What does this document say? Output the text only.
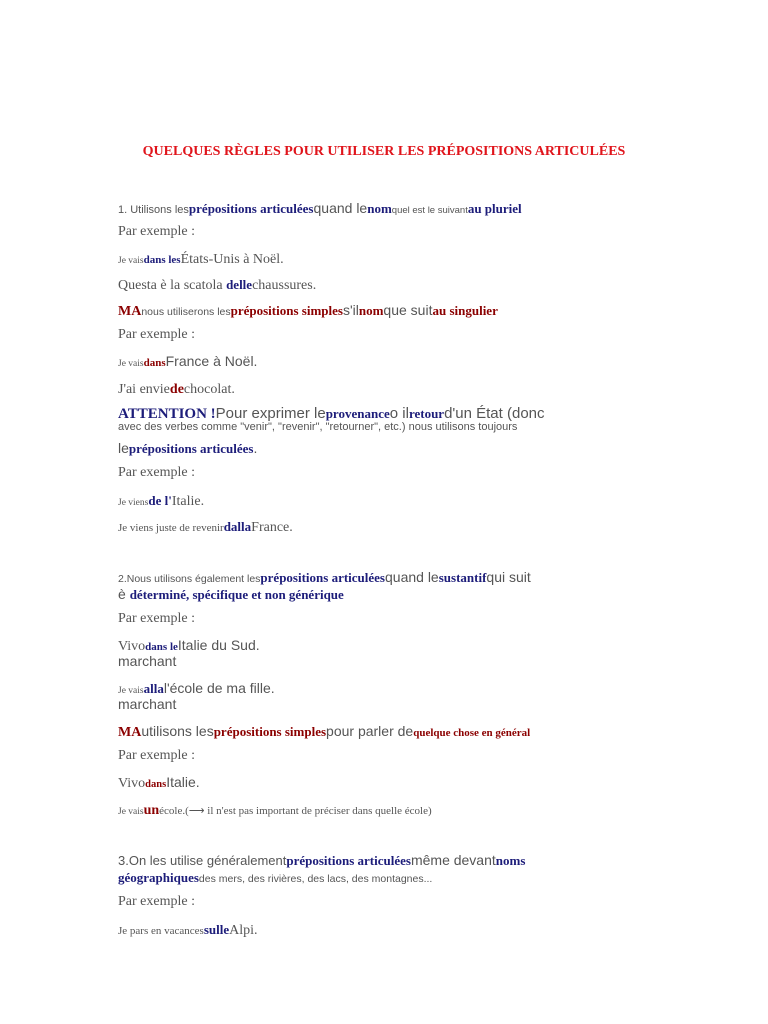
QUELQUES RÈGLES POUR UTILISER LES PRÉPOSITIONS ARTICULÉES
1. Utilisons lesprépositions articuléesquand lenomquel est le suivantau pluriel
Par exemple :
Je vaisdans lesÉtats-Unis à Noël.
Questa è la scatola dellechaussures.
MAnous utiliserons lesprépositions simpless'ilnomque suitau singulier
Par exemple :
Je vaisdansFrance à Noël.
J'ai enviedechocolat.
ATTENTION !Pour exprimer leprovenanceo ilretourd'un État (donc
avec des verbes comme "venir", "revenir", "retourner", etc.) nous utilisons toujours
leprépositions articulées.
Par exemple :
Je viensde l'Italie.
Je viens juste de revenirdallaFrance.
2.Nous utilisons également lesprépositions articuléesquand lesustantifqui suit
è déterminé, spécifique et non générique
Par exemple :
Vivodans leItalie du Sud.
marchant
Je vaisallal'école de ma fille.
marchant
MAutilisons lesprépositions simplespour parler dequelque chose en général
Par exemple :
VivodansItalie.
Je vaisunécole.(⟶ il n'est pas important de préciser dans quelle école)
3.On les utilise généralementprépositions articuléesmême devantnoms
géographiquesdes mers, des rivières, des lacs, des montagnes...
Par exemple :
Je pars en vacancessulleAlpi.
